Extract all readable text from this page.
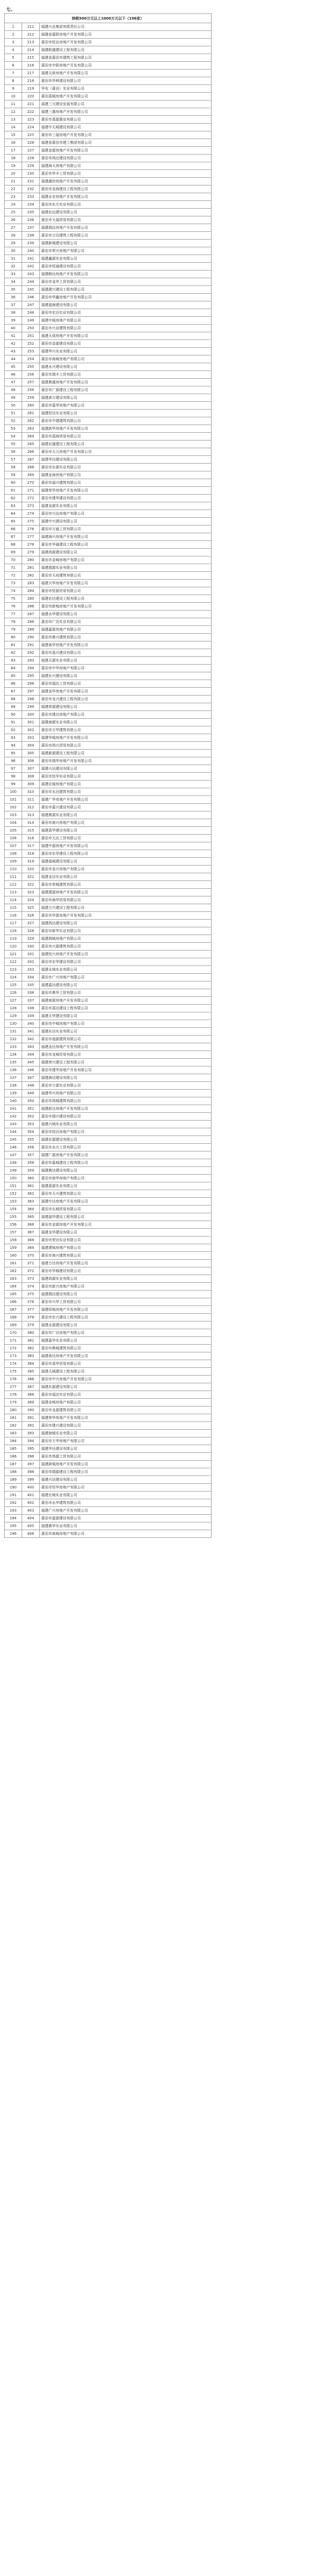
七、
纳税500万元以上1000万元以下（196家）		
1	211	福建兴业集团有限责任公司
2	212	福建省嘉联房地产开发有限公司
3	213	莆田市恒业房地产开发有限公司
4	214	福建联盛建设工程有限公司
5	215	福建省莆田市建筑工程有限公司
6	216	莆田市中联房地产开发有限公司
7	217	福建天骄房地产开发有限公司
8	218	莆田市华林建设有限公司
9	219	华安（莆田）实业有限公司
10	220	莆田荔城房地产开发有限公司
11	221	福建三元建设发展有限公司
12	222	福建三盛房地产开发有限公司
13	223	莆田市荔源置业有限公司
14	224	福建中天城建设有限公司
15	225	莆田市三福房地产开发有限公司
16	226	福建省莆田市建工集团有限公司
17	227	福建金源房地产开发有限公司
18	228	莆田市鸿达建设有限公司
19	229	福建海天房地产有限公司
20	230	莆田市华丰工贸有限公司
21	231	福建盛世房地产开发有限公司
22	232	莆田市金海建设工程有限公司
23	233	福建永安房地产开发有限公司
24	234	莆田市东方实业有限公司
25	235	福建宏远建设有限公司
26	236	莆田市天福贸易有限公司
27	237	福建瑞达房地产开发有限公司
28	238	莆田市万达建筑工程有限公司
29	239	福建新城建设有限公司
30	240	莆田市荣兴房地产有限公司
31	241	福建鑫源实业有限公司
32	242	莆田市恒通建设有限公司
33	243	福建顺达房地产开发有限公司
34	244	莆田市龙华工贸有限公司
35	245	福建建兴建设工程有限公司
36	246	莆田市华鑫房地产开发有限公司
37	247	福建福海建设有限公司
38	248	莆田市宏达实业有限公司
39	249	福建中城房地产有限公司
40	250	莆田市兴业建筑有限公司
41	251	福建天成房地产开发有限公司
42	252	莆田市金源建设有限公司
43	253	福建华兴实业有限公司
44	254	莆田市海城房地产有限公司
45	255	福建永兴建设有限公司
46	256	莆田市瑞丰工贸有限公司
47	257	福建鼎盛房地产开发有限公司
48	258	莆田市广源建设工程有限公司
49	259	福建南方建设有限公司
50	260	莆田市嘉华房地产有限公司
51	261	福建恒达实业有限公司
52	262	莆田市中建建筑有限公司
53	263	福建新华房地产开发有限公司
54	264	莆田市荔海贸易有限公司
55	265	福建宏盛建设工程有限公司
56	266	莆田市天元房地产开发有限公司
57	267	福建华达建设有限公司
58	268	莆田市东源实业有限公司
59	269	福建金海房地产有限公司
60	270	莆田市福兴建筑有限公司
61	271	福建荣华房地产开发有限公司
62	272	莆田市建华建设有限公司
63	273	福建龙源实业有限公司
64	274	莆田市兴达房地产有限公司
65	275	福建中兴建设有限公司
66	276	莆田市万通工贸有限公司
67	277	福建海兴房地产开发有限公司
68	278	莆田市华通建设工程有限公司
69	279	福建鸿源建设有限公司
70	280	莆田市金城房地产有限公司
71	281	福建瑞源实业有限公司
72	282	莆田市天成建筑有限公司
73	283	福建兴华房地产开发有限公司
74	284	莆田市恒源贸易有限公司
75	285	福建宏达建设工程有限公司
76	286	莆田市新城房地产开发有限公司
77	287	福建永华建设有限公司
78	288	莆田市广达实业有限公司
79	289	福建嘉源房地产有限公司
80	290	莆田市鼎兴建筑有限公司
81	291	福建南华房地产开发有限公司
82	292	莆田市荔兴建设有限公司
83	293	福建天源实业有限公司
84	294	莆田市中华房地产有限公司
85	295	福建东兴建设有限公司
86	296	莆田市福达工贸有限公司
87	297	福建金华房地产开发有限公司
88	298	莆田市龙兴建设工程有限公司
89	299	福建荣源建设有限公司
90	300	莆田市建达房地产有限公司
91	301	福建海源实业有限公司
92	302	莆田市万华建筑有限公司
93	303	福建华城房地产开发有限公司
94	304	莆田市鸿兴贸易有限公司
95	305	福建新源建设工程有限公司
96	306	莆田市瑞华房地产开发有限公司
97	307	福建兴达建设有限公司
98	308	莆田市恒华实业有限公司
99	309	福建宏城房地产有限公司
100	310	莆田市永达建筑有限公司
101	311	福建广华房地产开发有限公司
102	312	莆田市嘉兴建设有限公司
103	313	福建鼎源实业有限公司
104	314	莆田市南兴房地产有限公司
105	315	福建荔华建设有限公司
106	316	莆田市天达工贸有限公司
107	317	福建中源房地产开发有限公司
108	318	莆田市东华建设工程有限公司
109	319	福建福城建设有限公司
110	320	莆田市金兴房地产有限公司
111	321	福建龙达实业有限公司
112	322	莆田市荣城建筑有限公司
113	323	福建建源房地产开发有限公司
114	324	莆田市海华贸易有限公司
115	325	福建万兴建设工程有限公司
116	326	莆田市华源房地产开发有限公司
117	327	福建鸿达建设有限公司
118	328	莆田市新华实业有限公司
119	329	福建瑞城房地产有限公司
120	330	莆田市兴源建筑有限公司
121	331	福建恒兴房地产开发有限公司
122	332	莆田市宏华建设有限公司
123	333	福建永城实业有限公司
124	334	莆田市广兴房地产有限公司
125	335	福建嘉达建设有限公司
126	336	莆田市鼎华工贸有限公司
127	337	福建南源房地产开发有限公司
128	338	莆田市荔达建设工程有限公司
129	339	福建天华建设有限公司
130	340	莆田市中城房地产有限公司
131	341	福建东达实业有限公司
132	342	莆田市福源建筑有限公司
133	343	福建金达房地产开发有限公司
134	344	莆田市龙城贸易有限公司
135	345	福建荣兴建设工程有限公司
136	346	莆田市建华房地产开发有限公司
137	347	福建海达建设有限公司
138	348	莆田市万源实业有限公司
139	349	福建华兴房地产有限公司
140	350	莆田市鸿城建筑有限公司
141	351	福建新达房地产开发有限公司
142	352	莆田市瑞兴建设有限公司
143	353	福建兴城实业有限公司
144	354	莆田市恒达房地产有限公司
145	355	福建宏源建设有限公司
146	356	莆田市永兴工贸有限公司
147	357	福建广源房地产开发有限公司
148	358	莆田市嘉城建设工程有限公司
149	359	福建鼎达建设有限公司
150	360	莆田市南华房地产有限公司
151	361	福建荔源实业有限公司
152	362	莆田市天兴建筑有限公司
153	363	福建中达房地产开发有限公司
154	364	莆田市东城贸易有限公司
155	365	福建福华建设工程有限公司
156	366	莆田市金源房地产开发有限公司
157	367	福建龙华建设有限公司
158	368	莆田市荣达实业有限公司
159	369	福建建城房地产有限公司
160	370	莆田市海兴建筑有限公司
161	371	福建万达房地产开发有限公司
162	372	莆田市华城建设有限公司
163	373	福建鸿源实业有限公司
164	374	莆田市新兴房地产有限公司
165	375	福建瑞达建设有限公司
166	376	莆田市兴华工贸有限公司
167	377	福建恒城房地产开发有限公司
168	378	莆田市宏兴建设工程有限公司
169	379	福建永源建设有限公司
170	380	莆田市广达房地产有限公司
171	381	福建嘉华实业有限公司
172	382	莆田市鼎城建筑有限公司
173	383	福建南达房地产开发有限公司
174	384	莆田市荔华贸易有限公司
175	385	福建天城建设工程有限公司
176	386	莆田市中兴房地产开发有限公司
177	387	福建东源建设有限公司
178	388	莆田市福达实业有限公司
179	389	福建金城房地产有限公司
180	390	莆田市龙源建筑有限公司
181	391	福建荣华房地产开发有限公司
182	392	莆田市建兴建设有限公司
183	393	福建海城实业有限公司
184	394	莆田市万华房地产有限公司
185	395	福建华达建设有限公司
186	396	莆田市鸿源工贸有限公司
187	397	福建新城房地产开发有限公司
188	398	莆田市瑞源建设工程有限公司
189	399	福建兴达建设有限公司
190	400	莆田市恒华房地产有限公司
191	401	福建宏城实业有限公司
192	402	莆田市永华建筑有限公司
193	403	福建广兴房地产开发有限公司
194	404	莆田市嘉源建设有限公司
195	405	福建鼎华实业有限公司
196	406	莆田市南城房地产有限公司
